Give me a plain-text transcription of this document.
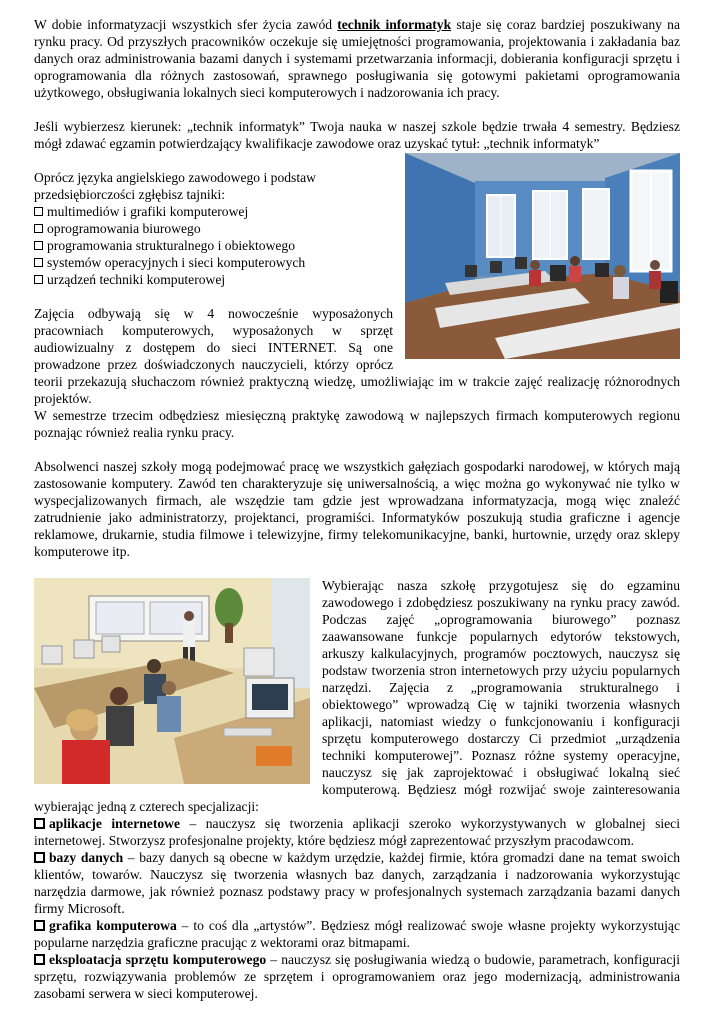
W dobie informatyzacji wszystkich sfer życia zawód technik informatyk staje się coraz bardziej poszukiwany na rynku pracy. Od przyszłych pracowników oczekuje się umiejętności programowania, projektowania i zakładania baz danych oraz administrowania bazami danych i systemami przetwarzania informacji, dobierania konfiguracji sprzętu i oprogramowania dla różnych zastosowań, sprawnego posługiwania się gotowymi pakietami oprogramowania użytkowego, obsługiwania lokalnych sieci komputerowych i nadzorowania ich pracy.

Jeśli wybierzesz kierunek: „technik informatyk” Twoja nauka w naszej szkole będzie trwała 4 semestry. Będziesz mógł zdawać egzamin potwierdzający kwalifikacje zawodowe oraz uzyskać tytuł: „technik informatyk”

Oprócz języka angielskiego zawodowego i podstaw

przedsiębiorczości zgłębisz tajniki:

multimediów i grafiki komputerowej
oprogramowania biurowego
programowania strukturalnego i obiektowego
systemów operacyjnych i sieci komputerowych
urządzeń techniki komputerowej

Zajęcia odbywają się w 4 nowocześnie wyposażonych pracowniach komputerowych, wyposażonych w sprzęt audiowizualny z dostępem do sieci INTERNET. Są one prowadzone przez doświadczonych nauczycieli, którzy oprócz teorii przekazują słuchaczom również praktyczną wiedzę, umożliwiając im w trakcie zajęć realizację różnorodnych projektów.

W semestrze trzecim odbędziesz miesięczną praktykę zawodową w najlepszych firmach komputerowych regionu poznając również realia rynku pracy.

Absolwenci naszej szkoły mogą podejmować pracę we wszystkich gałęziach gospodarki narodowej, w których mają zastosowanie komputery. Zawód ten charakteryzuje się uniwersalnością, a więc można go wykonywać nie tylko w wyspecjalizowanych firmach, ale wszędzie tam gdzie jest wprowadzana informatyzacja, mogą więc znaleźć zatrudnienie jako administratorzy, projektanci, programiści. Informatyków poszukują studia graficzne i agencje reklamowe, drukarnie, studia filmowe i telewizyjne, firmy telekomunikacyjne, banki, hurtownie, urzędy oraz sklepy komputerowe itp.

Wybierając nasza szkołę przygotujesz się do egzaminu zawodowego i zdobędziesz poszukiwany na rynku pracy zawód. Podczas zajęć „oprogramowania biurowego” poznasz zaawansowane funkcje popularnych edytorów tekstowych, arkuszy kalkulacyjnych, programów pocztowych, nauczysz się podstaw tworzenia stron internetowych przy użyciu popularnych narzędzi. Zajęcia z „programowania strukturalnego i obiektowego” wprowadzą Cię w tajniki tworzenia własnych aplikacji, natomiast wiedzy o funkcjonowaniu i konfiguracji sprzętu komputerowego dostarczy Ci przedmiot „urządzenia techniki komputerowej”. Poznasz różne systemy operacyjne, nauczysz się jak zaprojektować i obsługiwać lokalną sieć komputerową. Będziesz mógł rozwijać swoje zainteresowania wybierając jedną z czterech specjalizacji:

aplikacje internetowe – nauczysz się tworzenia aplikacji szeroko wykorzystywanych w globalnej sieci internetowej. Stworzysz profesjonalne projekty, które będziesz mógł zaprezentować przyszłym pracodawcom.

bazy danych – bazy danych są obecne w każdym urzędzie, każdej firmie, która gromadzi dane na temat swoich klientów, towarów. Nauczysz się tworzenia własnych baz danych, zarządzania i nadzorowania wykorzystując narzędzia darmowe, jak również poznasz podstawy pracy w profesjonalnych systemach zarządzania bazami danych firmy Microsoft.

grafika komputerowa – to coś dla „artystów”. Będziesz mógł realizować swoje własne projekty wykorzystując popularne narzędzia graficzne pracując z wektorami oraz bitmapami.

eksploatacja sprzętu komputerowego – nauczysz się posługiwania wiedzą o budowie, parametrach, konfiguracji sprzętu, rozwiązywania problemów ze sprzętem i oprogramowaniem oraz jego modernizacją, administrowania zasobami serwera w sieci komputerowej.
